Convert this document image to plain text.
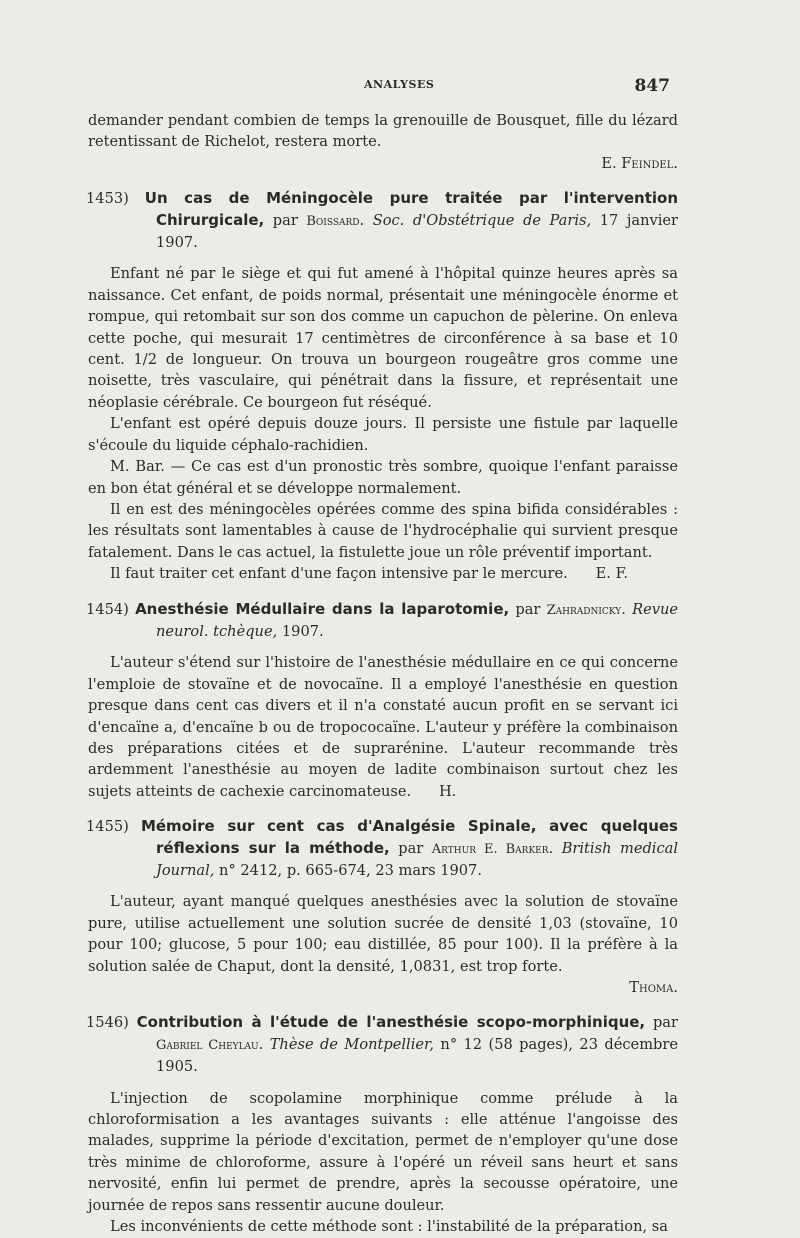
ANALYSES	847

demander pendant combien de temps la grenouille de Bousquet, fille du lézard retentissant de Richelot, restera morte.

E. Feindel.

1453) Un cas de Méningocèle pure traitée par l'intervention Chirurgicale, par Boissard. Soc. d'Obstétrique de Paris, 17 janvier 1907.

Enfant né par le siège et qui fut amené à l'hôpital quinze heures après sa naissance. Cet enfant, de poids normal, présentait une méningocèle énorme et rompue, qui retombait sur son dos comme un capuchon de pèlerine. On enleva cette poche, qui mesurait 17 centimètres de circonférence à sa base et 10 cent. 1/2 de longueur. On trouva un bourgeon rougeâtre gros comme une noisette, très vasculaire, qui pénétrait dans la fissure, et représentait une néoplasie cérébrale. Ce bourgeon fut réséqué.

L'enfant est opéré depuis douze jours. Il persiste une fistule par laquelle s'écoule du liquide céphalo-rachidien.

M. Bar. — Ce cas est d'un pronostic très sombre, quoique l'enfant paraisse en bon état général et se développe normalement.

Il en est des méningocèles opérées comme des spina bifida considérables : les résultats sont lamentables à cause de l'hydrocéphalie qui survient presque fatalement. Dans le cas actuel, la fistulette joue un rôle préventif important.

Il faut traiter cet enfant d'une façon intensive par le mercure.      E. F.

1454) Anesthésie Médullaire dans la laparotomie, par Zahradnicky. Revue neurol. tchèque, 1907.

L'auteur s'étend sur l'histoire de l'anesthésie médullaire en ce qui concerne l'emploie de stovaïne et de novocaïne. Il a employé l'anesthésie en question presque dans cent cas divers et il n'a constaté aucun profit en se servant ici d'encaïne a, d'encaïne b ou de tropococaïne. L'auteur y préfère la combinaison des préparations citées et de suprarénine. L'auteur recommande très ardemment l'anesthésie au moyen de ladite combinaison surtout chez les sujets atteints de cachexie carcinomateuse.      H.

1455) Mémoire sur cent cas d'Analgésie Spinale, avec quelques réflexions sur la méthode, par Arthur E. Barker. British medical Journal, n° 2412, p. 665-674, 23 mars 1907.

L'auteur, ayant manqué quelques anesthésies avec la solution de stovaïne pure, utilise actuellement une solution sucrée de densité 1,03 (stovaïne, 10 pour 100; glucose, 5 pour 100; eau distillée, 85 pour 100). Il la préfère à la solution salée de Chaput, dont la densité, 1,0831, est trop forte.

Thoma.

1546) Contribution à l'étude de l'anesthésie scopo-morphinique, par Gabriel Cheylau. Thèse de Montpellier, n° 12 (58 pages), 23 décembre 1905.

L'injection de scopolamine morphinique comme prélude à la chloroformisation a les avantages suivants : elle atténue l'angoisse des malades, supprime la période d'excitation, permet de n'employer qu'une dose très minime de chloroforme, assure à l'opéré un réveil sans heurt et sans nervosité, enfin lui permet de prendre, après la secousse opératoire, une journée de repos sans ressentir aucune douleur.

Les inconvénients de cette méthode sont : l'instabilité de la préparation, sa
